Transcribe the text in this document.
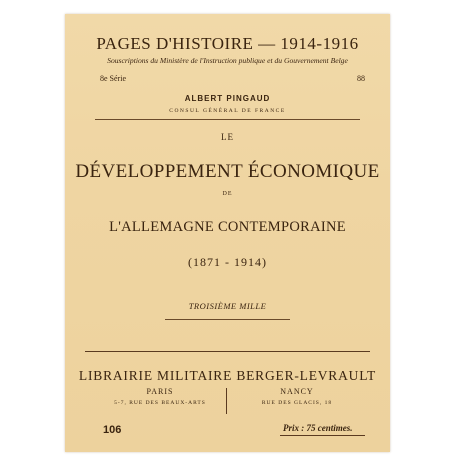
PAGES D'HISTOIRE — 1914-1916
Souscriptions du Ministère de l'Instruction publique et du Gouvernement Belge
8e Série	88
ALBERT PINGAUD
CONSUL GÉNÉRAL DE FRANCE
LE
DÉVELOPPEMENT ÉCONOMIQUE
DE
L'ALLEMAGNE CONTEMPORAINE
(1871 - 1914)
TROISIÈME MILLE
LIBRAIRIE MILITAIRE BERGER-LEVRAULT
PARIS	NANCY
5-7, RUE DES BEAUX-ARTS	RUE DES GLACIS, 18
106	Prix : 75 centimes.
